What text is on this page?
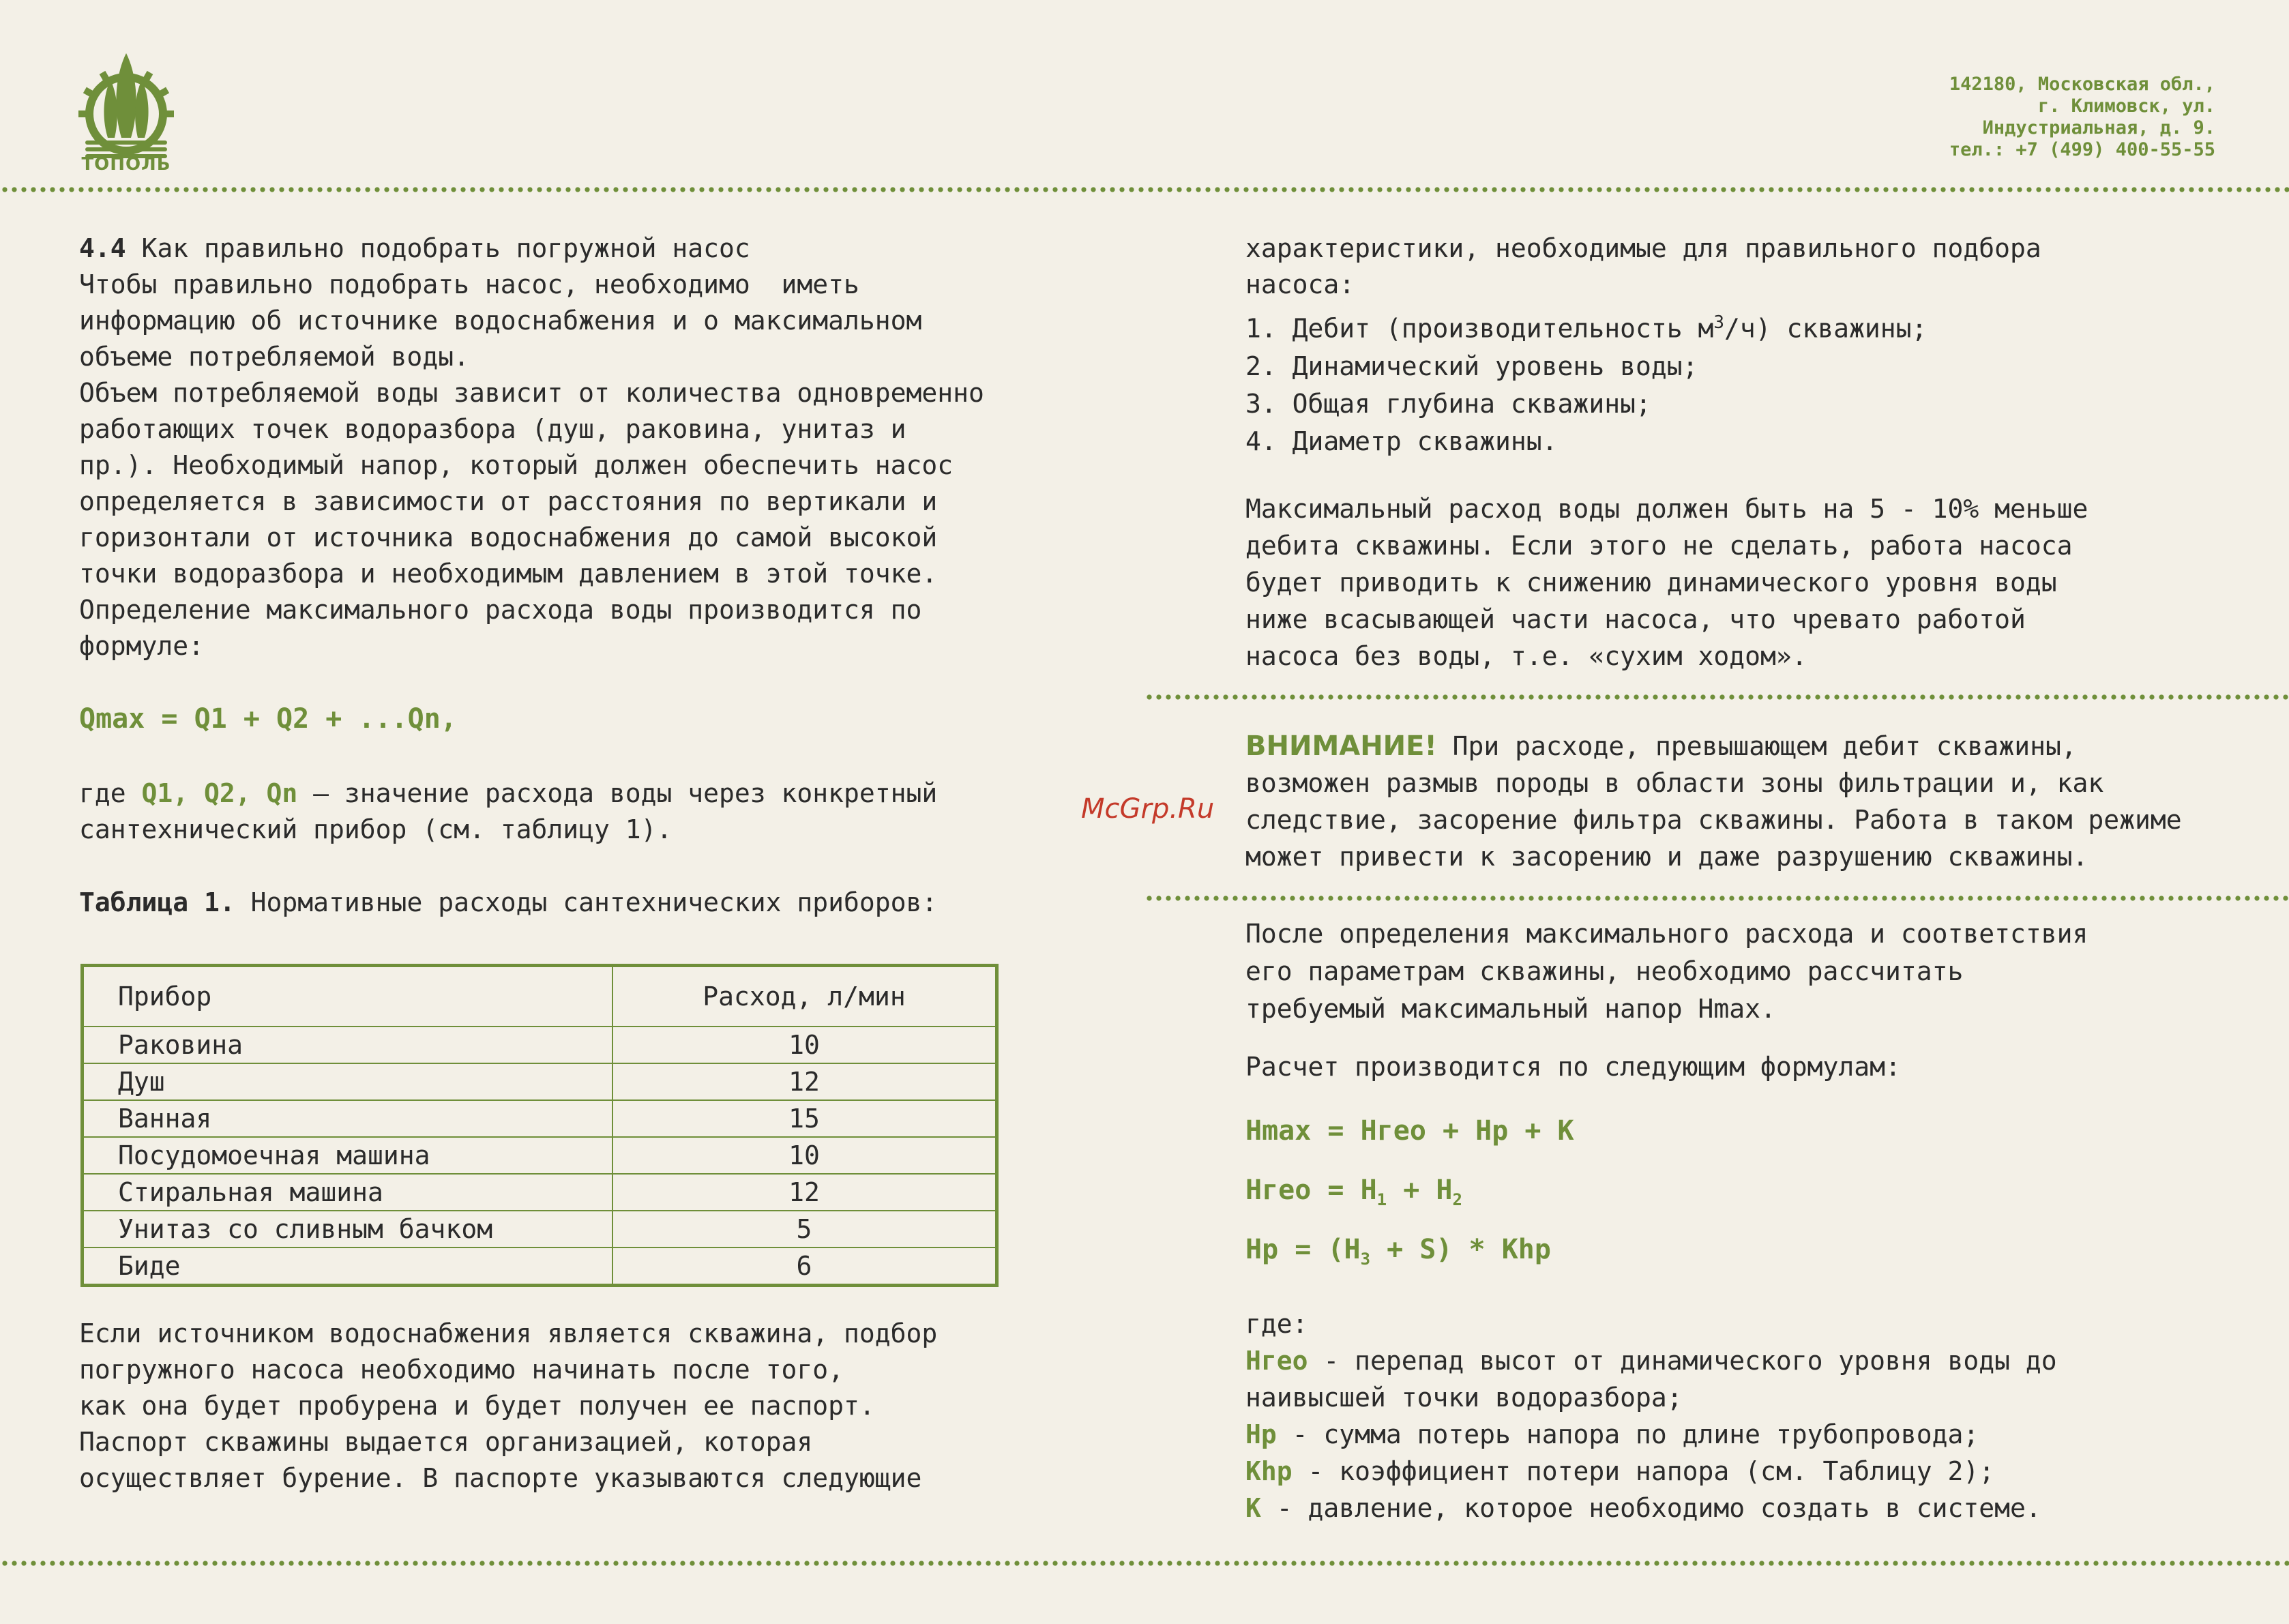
ТОПОЛЬ
142180, Московская обл.,
г. Климовск, ул.
Индустриальная, д. 9.
тел.: +7 (499) 400-55-55
McGrp.Ru
4.4 Как правильно подобрать погружной насос
Чтобы правильно подобрать насос, необходимо  иметь
информацию об источнике водоснабжения и о максимальном
объеме потребляемой воды.
Объем потребляемой воды зависит от количества одновременно
работающих точек водоразбора (душ, раковина, унитаз и
пр.). Необходимый напор, который должен обеспечить насос
определяется в зависимости от расстояния по вертикали и
горизонтали от источника водоснабжения до самой высокой
точки водоразбора и необходимым давлением в этой точке.
Определение максимального расхода воды производится по
формуле:
Qmax = Q1 + Q2 + ...Qn,
где Q1, Q2, Qn — значение расхода воды через конкретный
сантехнический прибор (см. таблицу 1).
Таблица 1. Нормативные расходы сантехнических приборов:
Прибор	Расход, л/мин
Раковина	10
Душ	12
Ванная	15
Посудомоечная машина	10
Стиральная машина	12
Унитаз со сливным бачком	5
Биде	6
Если источником водоснабжения является скважина, подбор
погружного насоса необходимо начинать после того,
как она будет пробурена и будет получен ее паспорт.
Паспорт скважины выдается организацией, которая
осуществляет бурение. В паспорте указываются следующие
характеристики, необходимые для правильного подбора
насоса:
1. Дебит (производительность $м^3/ч$) скважины;
2. Динамический уровень воды;
3. Общая глубина скважины;
4. Диаметр скважины.
Максимальный расход воды должен быть на 5 - 10% меньше
дебита скважины. Если этого не сделать, работа насоса
будет приводить к снижению динамического уровня воды
ниже всасывающей части насоса, что чревато работой
насоса без воды, т.е. «сухим ходом».
ВНИМАНИЕ! При расходе, превышающем дебит скважины,
возможен размыв породы в области зоны фильтрации и, как
следствие, засорение фильтра скважины. Работа в таком режиме
может привести к засорению и даже разрушению скважины.
После определения максимального расхода и соответствия
его параметрам скважины, необходимо рассчитать
требуемый максимальный напор Hmax.
Расчет производится по следующим формулам:
Hmax = Hгео + Hp + K
Hгео = $H_1 + H_2$
$Hp = (H_3 + S)$ * Khp
где:
Hгео - перепад высот от динамического уровня воды до
наивысшей точки водоразбора;
Hp - сумма потерь напора по длине трубопровода;
Khp - коэффициент потери напора (см. Таблицу 2);
K - давление, которое необходимо создать в системе.
